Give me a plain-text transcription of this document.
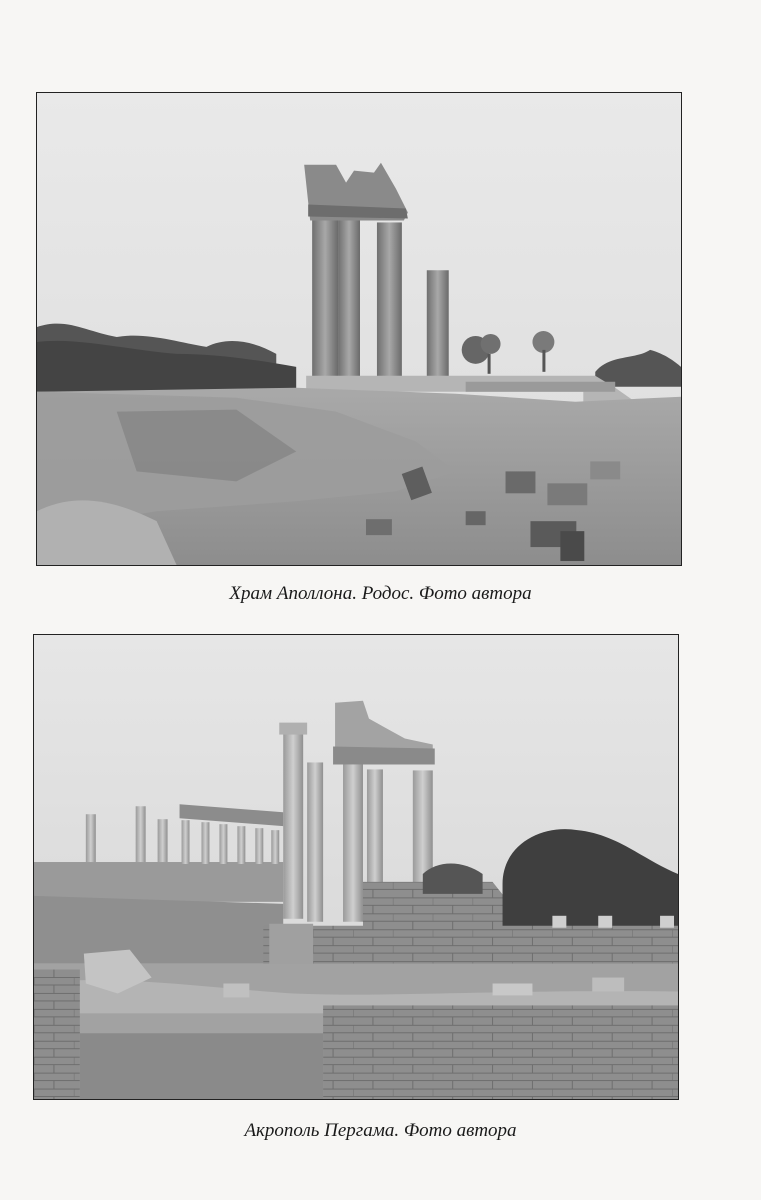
Храм Аполлона. Родос. Фото автора
Акрополь Пергама. Фото автора
